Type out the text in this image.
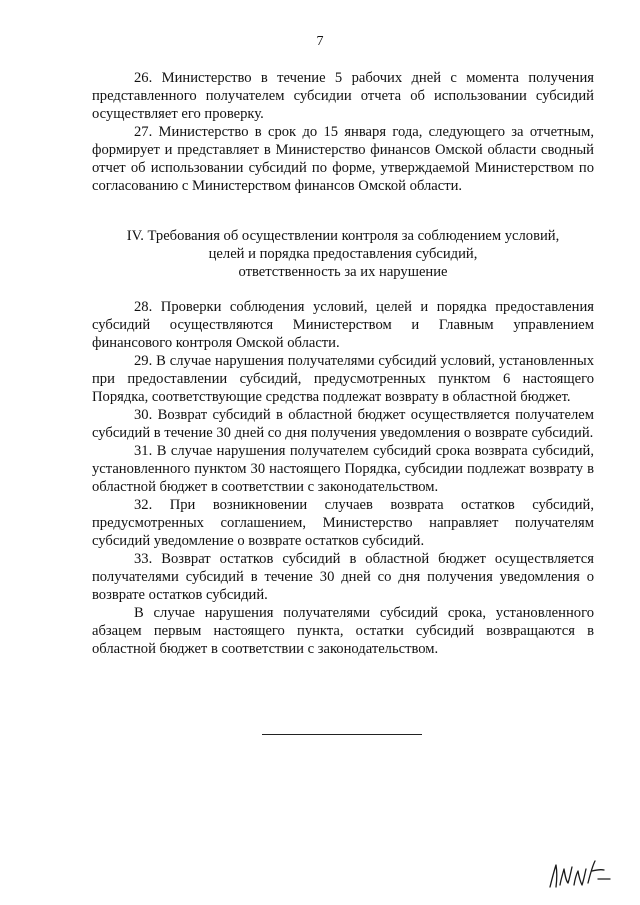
7

26. Министерство в течение 5 рабочих дней с момента получения представленного получателем субсидии отчета об использовании субсидий осуществляет его проверку.

27. Министерство в срок до 15 января года, следующего за отчетным, формирует и представляет в Министерство финансов Омской области сводный отчет об использовании субсидий по форме, утверждаемой Министерством по согласованию с Министерством финансов Омской области.

IV. Требования об осуществлении контроля за соблюдением условий,
целей и порядка предоставления субсидий,
ответственность за их нарушение

28. Проверки соблюдения условий, целей и порядка предоставления субсидий осуществляются Министерством и Главным управлением финансового контроля Омской области.

29. В случае нарушения получателями субсидий условий, установленных при предоставлении субсидий, предусмотренных пунктом 6 настоящего Порядка, соответствующие средства подлежат возврату в областной бюджет.

30. Возврат субсидий в областной бюджет осуществляется получателем субсидий в течение 30 дней со дня получения уведомления о возврате субсидий.

31. В случае нарушения получателем субсидий срока возврата субсидий, установленного пунктом 30 настоящего Порядка, субсидии подлежат возврату в областной бюджет в соответствии с законодательством.

32. При возникновении случаев возврата остатков субсидий, предусмотренных соглашением, Министерство направляет получателям субсидий уведомление о возврате остатков субсидий.

33. Возврат остатков субсидий в областной бюджет осуществляется получателями субсидий в течение 30 дней со дня получения уведомления о возврате остатков субсидий.

В случае нарушения получателями субсидий срока, установленного абзацем первым настоящего пункта, остатки субсидий возвращаются в областной бюджет в соответствии с законодательством.
